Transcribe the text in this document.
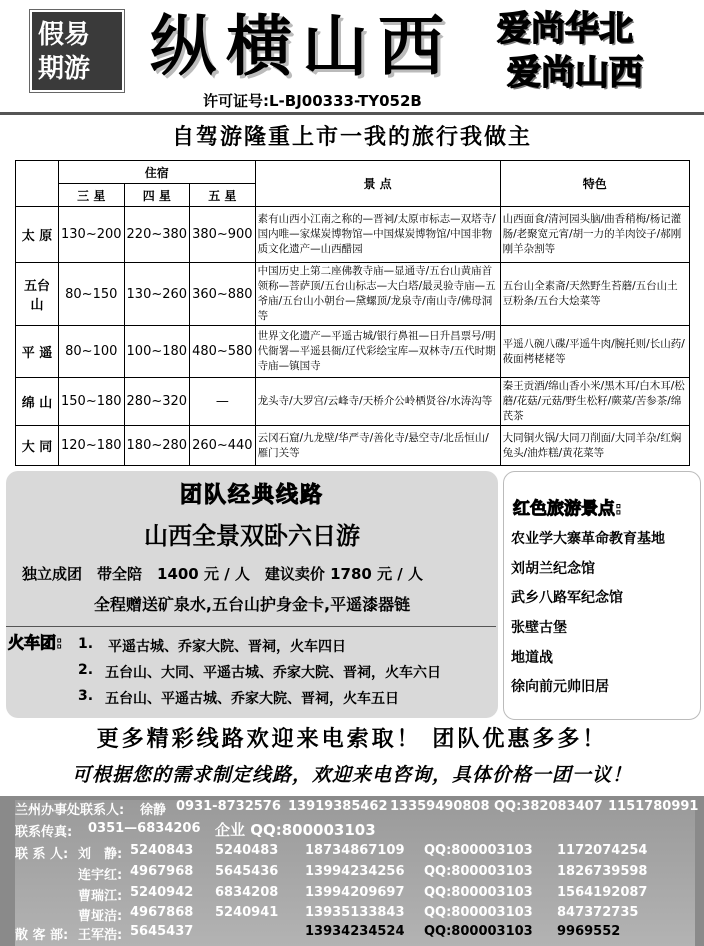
假易
期游 纵横山西	爱尚华北
爱尚山西
许可证号:L-BJ00333-TY052B
自驾游隆重上市一我的旅行我做主
	住宿			景 点	特色
	三 星	四 星	五 星		
太 原	130~200	220~380	380~900	素有山西小江南之称的—晋祠/太原市标志—双塔寺/国内唯—家煤炭博物馆—中国煤炭博物馆/中国非物质文化遗产—山西醋园	山西面食/清河园头脑/曲香稍梅/杨记灌肠/老聚宽元宵/胡一力的羊肉饺子/郝刚刚羊杂割等
五台山	80~150	130~260	360~880	中国历史上第二座佛教寺庙—显通寺/五台山黄庙首领称—菩萨顶/五台山标志—大白塔/最灵验寺庙—五爷庙/五台山小朝台—黛螺顶/龙泉寺/南山寺/佛母洞等	五台山全素斋/天然野生苔蘑/五台山土豆粉条/五台大烩菜等
平 遥	80~100	100~180	480~580	世界文化遗产—平遥古城/银行鼻祖—日升昌票号/明代衙署—平遥县衙/辽代彩绘宝库—双林寺/五代时期寺庙—镇国寺	平遥八碗八碟/平遥牛肉/腕托则/长山药/莜面栲栳栳等
绵 山	150~180	280~320	—	龙头寺/大罗宫/云峰寺/天桥介公岭栖贤谷/水涛沟等	秦王贡酒/绵山香小米/黑木耳/白木耳/松蘑/花菇/元菇/野生松籽/蕨菜/苦参茶/绵芪茶
大 同	120~180	180~280	260~440	云冈石窟/九龙壁/华严寺/善化寺/悬空寺/北岳恒山/雁门关等	大同铜火锅/大同刀削面/大同羊杂/红焖兔头/油炸糕/黄花菜等
团队经典线路
山西全景双卧六日游
独立成团　带全陪　1400 元 / 人　建议卖价 1780 元 / 人
全程赠送矿泉水,五台山护身金卡,平遥漆器链
火车团: 1. 平遥古城、乔家大院、晋祠，火车四日
2. 五台山、大同、平遥古城、乔家大院、晋祠，火车六日
3. 五台山、平遥古城、乔家大院、晋祠，火车五日
红色旅游景点:
农业学大寨革命教育基地
刘胡兰纪念馆
武乡八路军纪念馆
张壁古堡
地道战
徐向前元帅旧居
更多精彩线路欢迎来电索取！ 团队优惠多多！
可根据您的需求制定线路，欢迎来电咨询，具体价格一团一议！
兰州办事处联系人: 徐静 0931-8732576 13919385462 13359490808 QQ:382083407 1151780991
联系传真: 0351—6834206 企业 QQ:800003103
联 系 人: 刘　静: 5240843 5240483 18734867109 QQ:800003103 1172074254
连宇红: 4967968 5645436 13994234256 QQ:800003103 1826739598
曹瑞江: 5240942 6834208 13994209697 QQ:800003103 1564192087
曹垭洁: 4967868 5240941 13935133843 QQ:800003103 847372735
散 客 部: 王军浩: 5645437	13934234524 QQ:800003103 9969552
